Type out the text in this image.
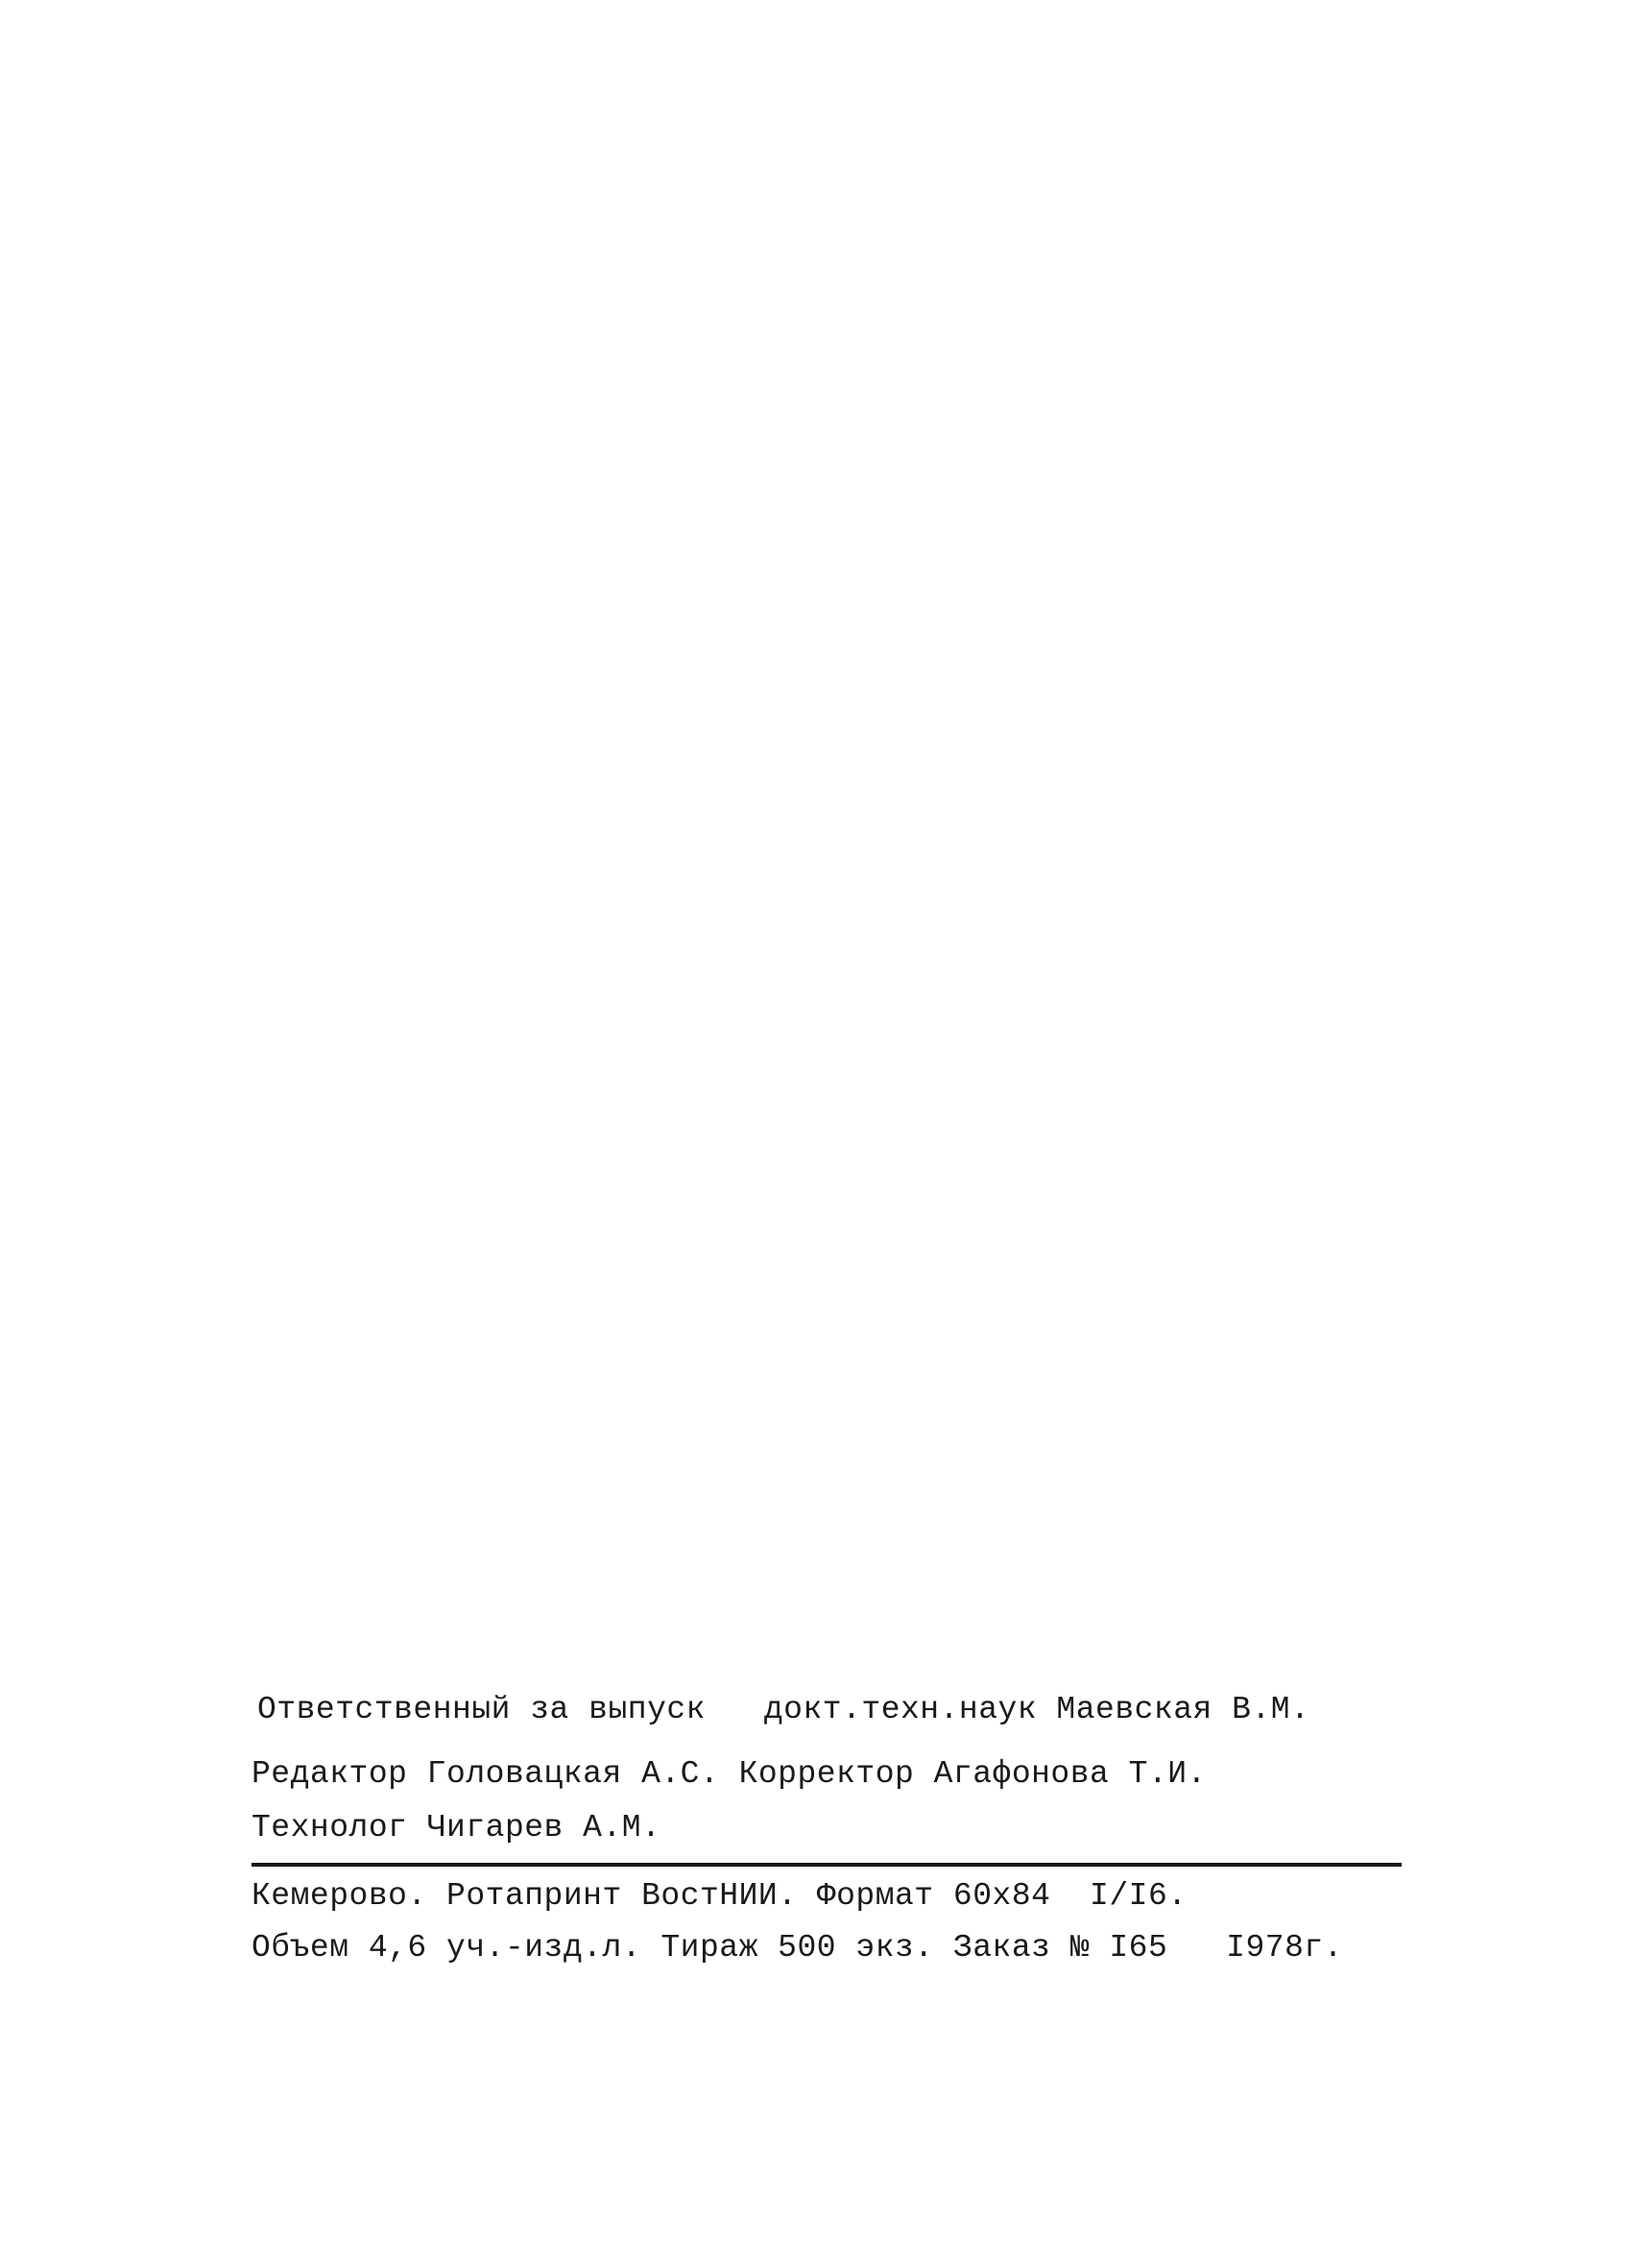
Ответственный за выпуск   докт.техн.наук Маевская В.М.
Редактор Головацкая А.С. Корректор Агафонова Т.И.
Технолог Чигарев А.М.
Кемерово. Ротапринт ВостНИИ. Формат 60х84  I/I6.
Объем 4,6 уч.-изд.л. Тираж 500 экз. Заказ № I65   I978г.
